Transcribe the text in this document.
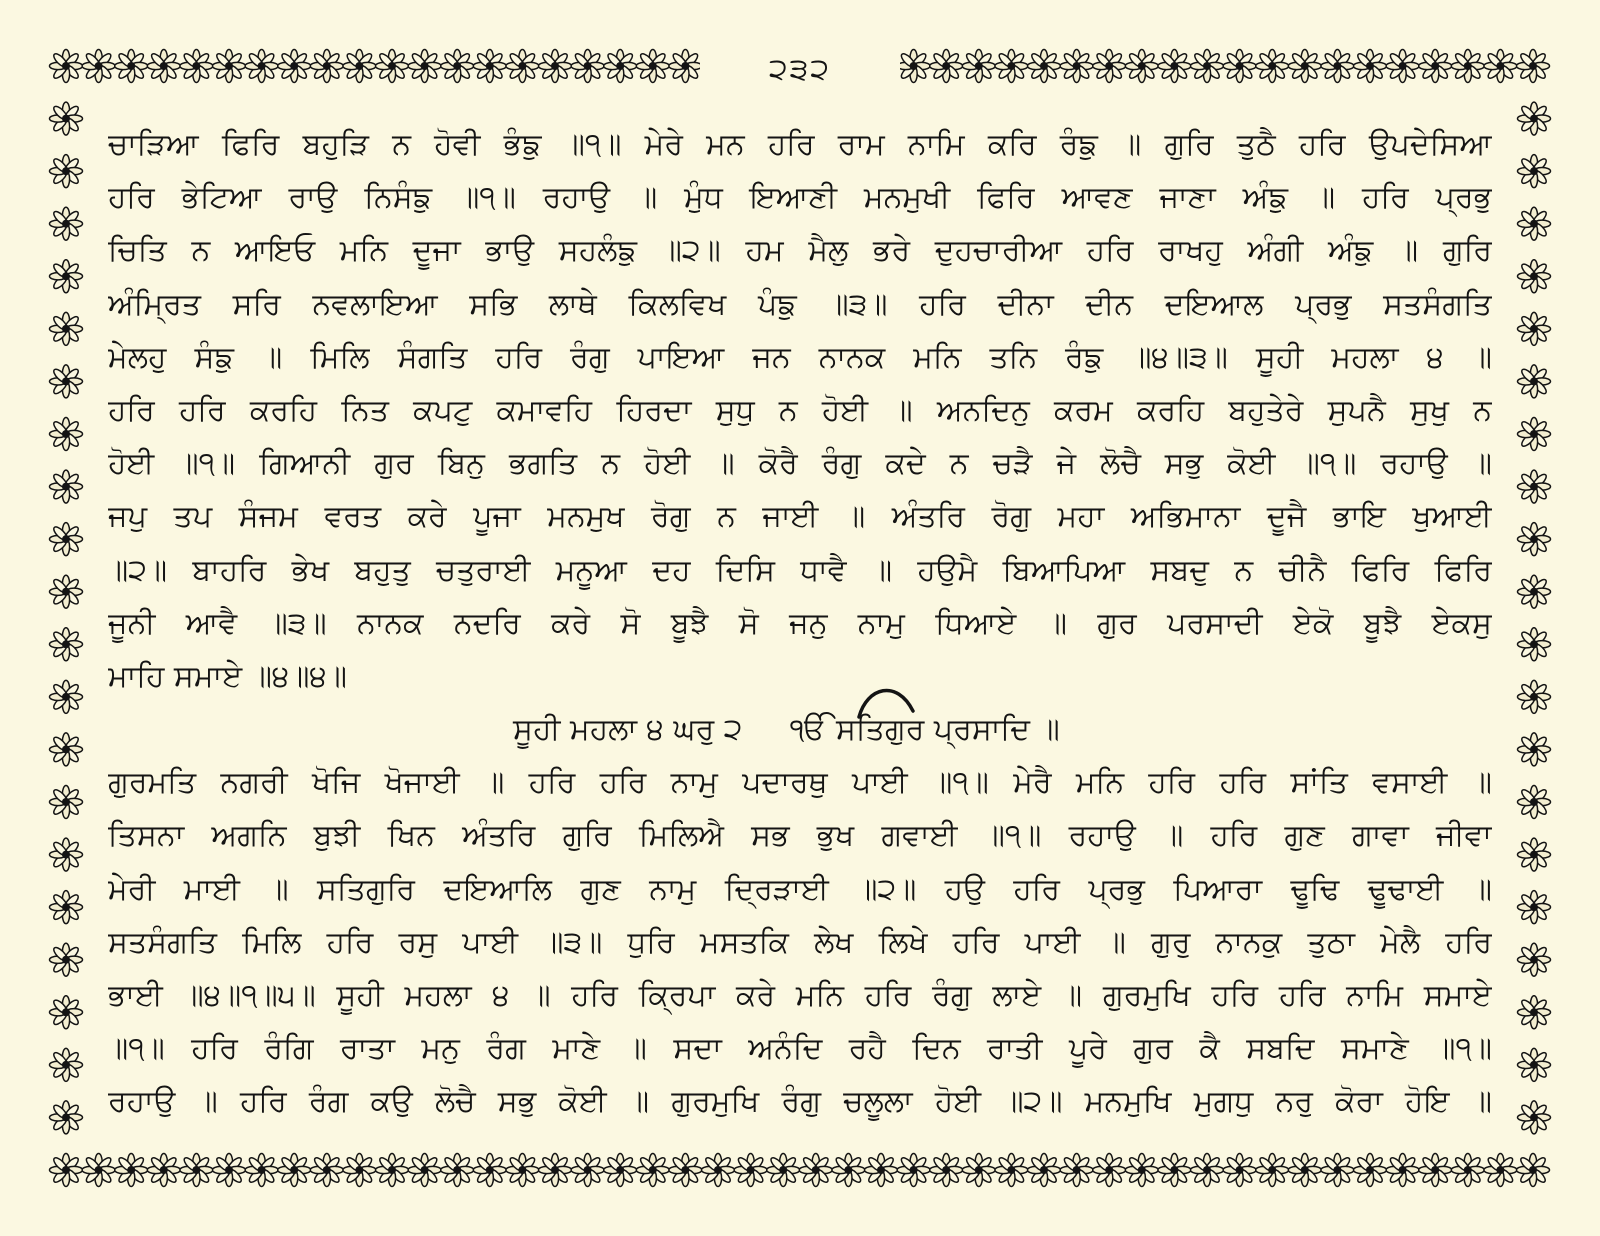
੨੩੨
ਚਾੜਿਆ ਫਿਰਿ ਬਹੁੜਿ ਨ ਹੋਵੀ ਭੰਙੁ ॥੧॥ ਮੇਰੇ ਮਨ ਹਰਿ ਰਾਮ ਨਾਮਿ ਕਰਿ ਰੰਙੁ ॥ ਗੁਰਿ ਤੁਠੈ ਹਰਿ ਉਪਦੇਸਿਆ
ਹਰਿ ਭੇਟਿਆ ਰਾਉ ਨਿਸੰਙੁ ॥੧॥ ਰਹਾਉ ॥ ਮੁੰਧ ਇਆਣੀ ਮਨਮੁਖੀ ਫਿਰਿ ਆਵਣ ਜਾਣਾ ਅੰਙੁ ॥ ਹਰਿ ਪ੍ਰਭੁ
ਚਿਤਿ ਨ ਆਇਓ ਮਨਿ ਦੂਜਾ ਭਾਉ ਸਹਲੰਙੁ ॥੨॥ ਹਮ ਮੈਲੁ ਭਰੇ ਦੁਹਚਾਰੀਆ ਹਰਿ ਰਾਖਹੁ ਅੰਗੀ ਅੰਙੁ ॥ ਗੁਰਿ
ਅੰਮ੍ਰਿਤ ਸਰਿ ਨਵਲਾਇਆ ਸਭਿ ਲਾਥੇ ਕਿਲਵਿਖ ਪੰਙੁ ॥੩॥ ਹਰਿ ਦੀਨਾ ਦੀਨ ਦਇਆਲ ਪ੍ਰਭੁ ਸਤਸੰਗਤਿ
ਮੇਲਹੁ ਸੰਙੁ ॥ ਮਿਲਿ ਸੰਗਤਿ ਹਰਿ ਰੰਗੁ ਪਾਇਆ ਜਨ ਨਾਨਕ ਮਨਿ ਤਨਿ ਰੰਙੁ ॥੪॥੩॥ ਸੂਹੀ ਮਹਲਾ ੪ ॥
ਹਰਿ ਹਰਿ ਕਰਹਿ ਨਿਤ ਕਪਟੁ ਕਮਾਵਹਿ ਹਿਰਦਾ ਸੁਧੁ ਨ ਹੋਈ ॥ ਅਨਦਿਨੁ ਕਰਮ ਕਰਹਿ ਬਹੁਤੇਰੇ ਸੁਪਨੈ ਸੁਖੁ ਨ
ਹੋਈ ॥੧॥ ਗਿਆਨੀ ਗੁਰ ਬਿਨੁ ਭਗਤਿ ਨ ਹੋਈ ॥ ਕੋਰੈ ਰੰਗੁ ਕਦੇ ਨ ਚੜੈ ਜੇ ਲੋਚੈ ਸਭੁ ਕੋਈ ॥੧॥ ਰਹਾਉ ॥
ਜਪੁ ਤਪ ਸੰਜਮ ਵਰਤ ਕਰੇ ਪੂਜਾ ਮਨਮੁਖ ਰੋਗੁ ਨ ਜਾਈ ॥ ਅੰਤਰਿ ਰੋਗੁ ਮਹਾ ਅਭਿਮਾਨਾ ਦੂਜੈ ਭਾਇ ਖੁਆਈ
॥੨॥ ਬਾਹਰਿ ਭੇਖ ਬਹੁਤੁ ਚਤੁਰਾਈ ਮਨੂਆ ਦਹ ਦਿਸਿ ਧਾਵੈ ॥ ਹਉਮੈ ਬਿਆਪਿਆ ਸਬਦੁ ਨ ਚੀਨੈ ਫਿਰਿ ਫਿਰਿ
ਜੂਨੀ ਆਵੈ ॥੩॥ ਨਾਨਕ ਨਦਰਿ ਕਰੇ ਸੋ ਬੂਝੈ ਸੋ ਜਨੁ ਨਾਮੁ ਧਿਆਏ ॥ ਗੁਰ ਪਰਸਾਦੀ ਏਕੋ ਬੂਝੈ ਏਕਸੁ
ਮਾਹਿ ਸਮਾਏ ॥੪॥੪॥
ਸੂਹੀ ਮਹਲਾ ੪ ਘਰੁ ੨ ੴ ਸਤਿਗੁਰ ਪ੍ਰਸਾਦਿ ॥
ਗੁਰਮਤਿ ਨਗਰੀ ਖੋਜਿ ਖੋਜਾਈ ॥ ਹਰਿ ਹਰਿ ਨਾਮੁ ਪਦਾਰਥੁ ਪਾਈ ॥੧॥ ਮੇਰੈ ਮਨਿ ਹਰਿ ਹਰਿ ਸਾਂਤਿ ਵਸਾਈ ॥
ਤਿਸਨਾ ਅਗਨਿ ਬੁਝੀ ਖਿਨ ਅੰਤਰਿ ਗੁਰਿ ਮਿਲਿਐ ਸਭ ਭੁਖ ਗਵਾਈ ॥੧॥ ਰਹਾਉ ॥ ਹਰਿ ਗੁਣ ਗਾਵਾ ਜੀਵਾ
ਮੇਰੀ ਮਾਈ ॥ ਸਤਿਗੁਰਿ ਦਇਆਲਿ ਗੁਣ ਨਾਮੁ ਦ੍ਰਿੜਾਈ ॥੨॥ ਹਉ ਹਰਿ ਪ੍ਰਭੁ ਪਿਆਰਾ ਢੂਢਿ ਢੂਢਾਈ ॥
ਸਤਸੰਗਤਿ ਮਿਲਿ ਹਰਿ ਰਸੁ ਪਾਈ ॥੩॥ ਧੁਰਿ ਮਸਤਕਿ ਲੇਖ ਲਿਖੇ ਹਰਿ ਪਾਈ ॥ ਗੁਰੁ ਨਾਨਕੁ ਤੁਠਾ ਮੇਲੈ ਹਰਿ
ਭਾਈ ॥੪॥੧॥੫॥ ਸੂਹੀ ਮਹਲਾ ੪ ॥ ਹਰਿ ਕ੍ਰਿਪਾ ਕਰੇ ਮਨਿ ਹਰਿ ਰੰਗੁ ਲਾਏ ॥ ਗੁਰਮੁਖਿ ਹਰਿ ਹਰਿ ਨਾਮਿ ਸਮਾਏ
॥੧॥ ਹਰਿ ਰੰਗਿ ਰਾਤਾ ਮਨੁ ਰੰਗ ਮਾਣੇ ॥ ਸਦਾ ਅਨੰਦਿ ਰਹੈ ਦਿਨ ਰਾਤੀ ਪੂਰੇ ਗੁਰ ਕੈ ਸਬਦਿ ਸਮਾਣੇ ॥੧॥
ਰਹਾਉ ॥ ਹਰਿ ਰੰਗ ਕਉ ਲੋਚੈ ਸਭੁ ਕੋਈ ॥ ਗੁਰਮੁਖਿ ਰੰਗੁ ਚਲੂਲਾ ਹੋਈ ॥੨॥ ਮਨਮੁਖਿ ਮੁਗਧੁ ਨਰੁ ਕੋਰਾ ਹੋਇ ॥
